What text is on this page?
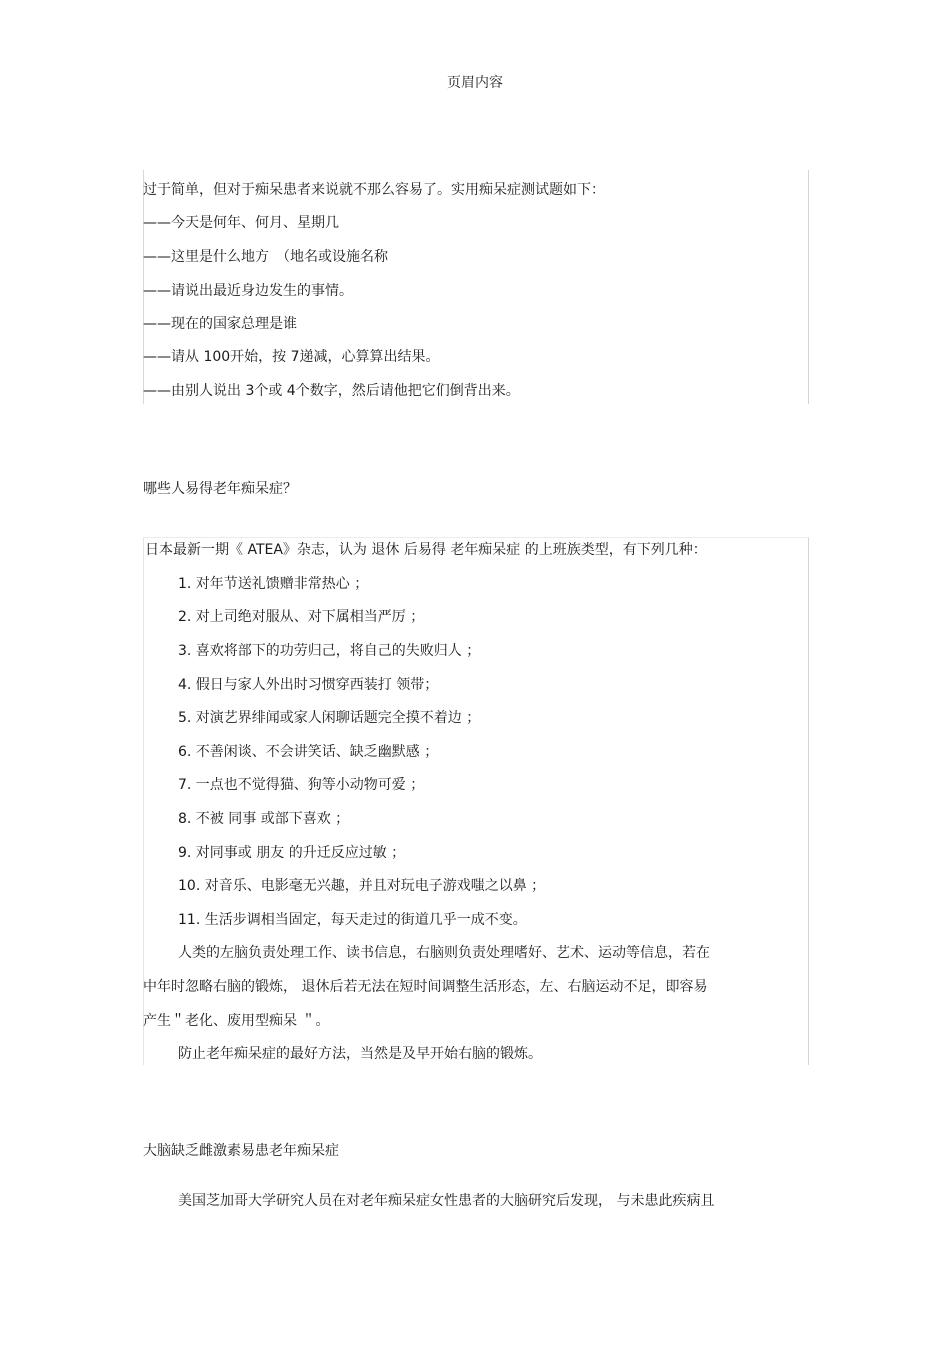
页眉内容
过于简单，但对于痴呆患者来说就不那么容易了。实用痴呆症测试题如下：
——今天是何年、何月、星期几
——这里是什么地方　（地名或设施名称
——请说出最近身边发生的事情。
——现在的国家总理是谁
——请从 100开始，按 7递减，心算算出结果。
——由别人说出 3个或 4个数字，然后请他把它们倒背出来。
哪些人易得老年痴呆症？
日本最新一期《 ATEA》杂志，认为 退休 后易得 老年痴呆症 的上班族类型，有下列几种：
1. 对年节送礼馈赠非常热心 ；
2. 对上司绝对服从、对下属相当严厉 ；
3. 喜欢将部下的功劳归己，将自己的失败归人 ；
4. 假日与家人外出时习惯穿西装打 领带；
5. 对演艺界绯闻或家人闲聊话题完全摸不着边 ；
6. 不善闲谈、不会讲笑话、缺乏幽默感 ；
7. 一点也不觉得猫、狗等小动物可爱 ；
8. 不被 同事 或部下喜欢 ；
9. 对同事或 朋友 的升迁反应过敏 ；
10. 对音乐、电影毫无兴趣，并且对玩电子游戏嗤之以鼻 ；
11. 生活步调相当固定，每天走过的街道几乎一成不变。
人类的左脑负责处理工作、读书信息，右脑则负责处理嗜好、艺术、运动等信息，若在
中年时忽略右脑的锻炼， 退休后若无法在短时间调整生活形态，左、右脑运动不足，即容易
产生＂老化、废用型痴呆 ＂。
防止老年痴呆症的最好方法，当然是及早开始右脑的锻炼。
大脑缺乏雌激素易患老年痴呆症
美国芝加哥大学研究人员在对老年痴呆症女性患者的大脑研究后发现， 与未患此疾病且
